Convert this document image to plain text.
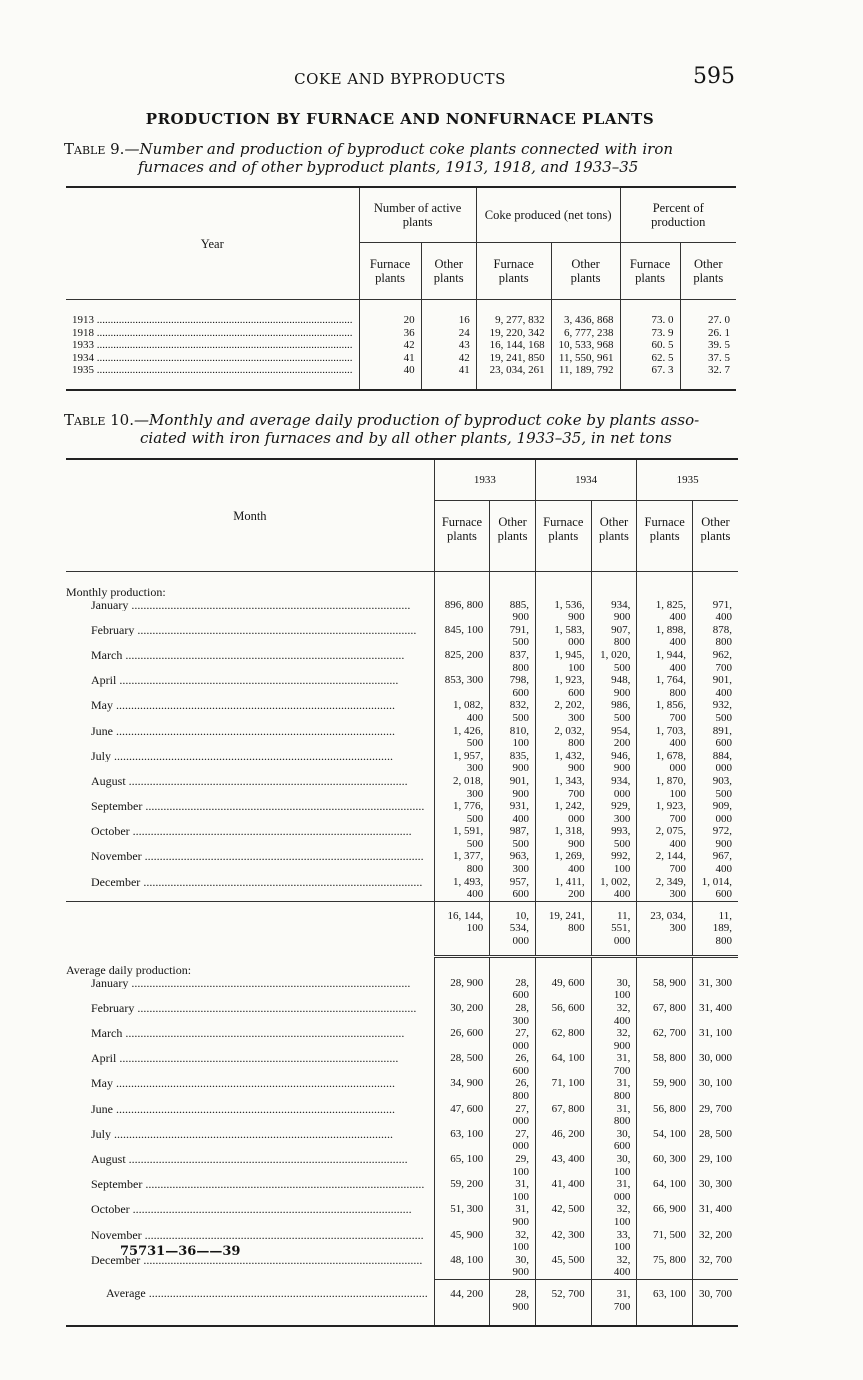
COKE AND BYPRODUCTS	595
PRODUCTION BY FURNACE AND NONFURNACE PLANTS
Table 9.—Number and production of byproduct coke plants connected with iron
furnaces and of other byproduct plants, 1913, 1918, and 1933–35
Year	Number of active plants		Coke produced (net tons)		Percent of production	
	Furnace plants	Other plants	Furnace plants	Other plants	Furnace plants	Other plants

1913 .....	20	16	9, 277, 832	3, 436, 868	73. 0	27. 0

1918 .....	36	24	19, 220, 342	6, 777, 238	73. 9	26. 1

1933 .....	42	43	16, 144, 168	10, 533, 968	60. 5	39. 5

1934 .....	41	42	19, 241, 850	11, 550, 961	62. 5	37. 5

1935 .....	40	41	23, 034, 261	11, 189, 792	67. 3	32. 7
Table 10.—Monthly and average daily production of byproduct coke by plants asso-
ciated with iron furnaces and by all other plants, 1933–35, in net tons
Month	1933		1934		1935	
	Furnace plants	Other plants	Furnace plants	Other plants	Furnace plants	Other plants
Monthly production:						

January .....	896, 800	885, 900	1, 536, 900	934, 900	1, 825, 400	971, 400

February .....	845, 100	791, 500	1, 583, 000	907, 800	1, 898, 400	878, 800

March .....	825, 200	837, 800	1, 945, 100	1, 020, 500	1, 944, 400	962, 700

April .....	853, 300	798, 600	1, 923, 600	948, 900	1, 764, 800	901, 400

May .....	1, 082, 400	832, 500	2, 202, 300	986, 500	1, 856, 700	932, 500

June .....	1, 426, 500	810, 100	2, 032, 800	954, 200	1, 703, 400	891, 600

July .....	1, 957, 300	835, 900	1, 432, 900	946, 900	1, 678, 000	884, 000

August .....	2, 018, 300	901, 900	1, 343, 700	934, 000	1, 870, 100	903, 500

September .....	1, 776, 500	931, 400	1, 242, 000	929, 300	1, 923, 700	909, 000

October .....	1, 591, 500	987, 500	1, 318, 900	993, 500	2, 075, 400	972, 900

November .....	1, 377, 800	963, 300	1, 269, 400	992, 100	2, 144, 700	967, 400

December .....	1, 493, 400	957, 600	1, 411, 200	1, 002, 400	2, 349, 300	1, 014, 600
	16, 144, 100	10, 534, 000	19, 241, 800	11, 551, 000	23, 034, 300	11, 189, 800
Average daily production:						

January .....	28, 900	28, 600	49, 600	30, 100	58, 900	31, 300

February .....	30, 200	28, 300	56, 600	32, 400	67, 800	31, 400

March .....	26, 600	27, 000	62, 800	32, 900	62, 700	31, 100

April .....	28, 500	26, 600	64, 100	31, 700	58, 800	30, 000

May .....	34, 900	26, 800	71, 100	31, 800	59, 900	30, 100

June .....	47, 600	27, 000	67, 800	31, 800	56, 800	29, 700

July .....	63, 100	27, 000	46, 200	30, 600	54, 100	28, 500

August .....	65, 100	29, 100	43, 400	30, 100	60, 300	29, 100

September .....	59, 200	31, 100	41, 400	31, 000	64, 100	30, 300

October .....	51, 300	31, 900	42, 500	32, 100	66, 900	31, 400

November .....	45, 900	32, 100	42, 300	33, 100	71, 500	32, 200

December .....	48, 100	30, 900	45, 500	32, 400	75, 800	32, 700

Average .....	44, 200	28, 900	52, 700	31, 700	63, 100	30, 700
75731—36——39
